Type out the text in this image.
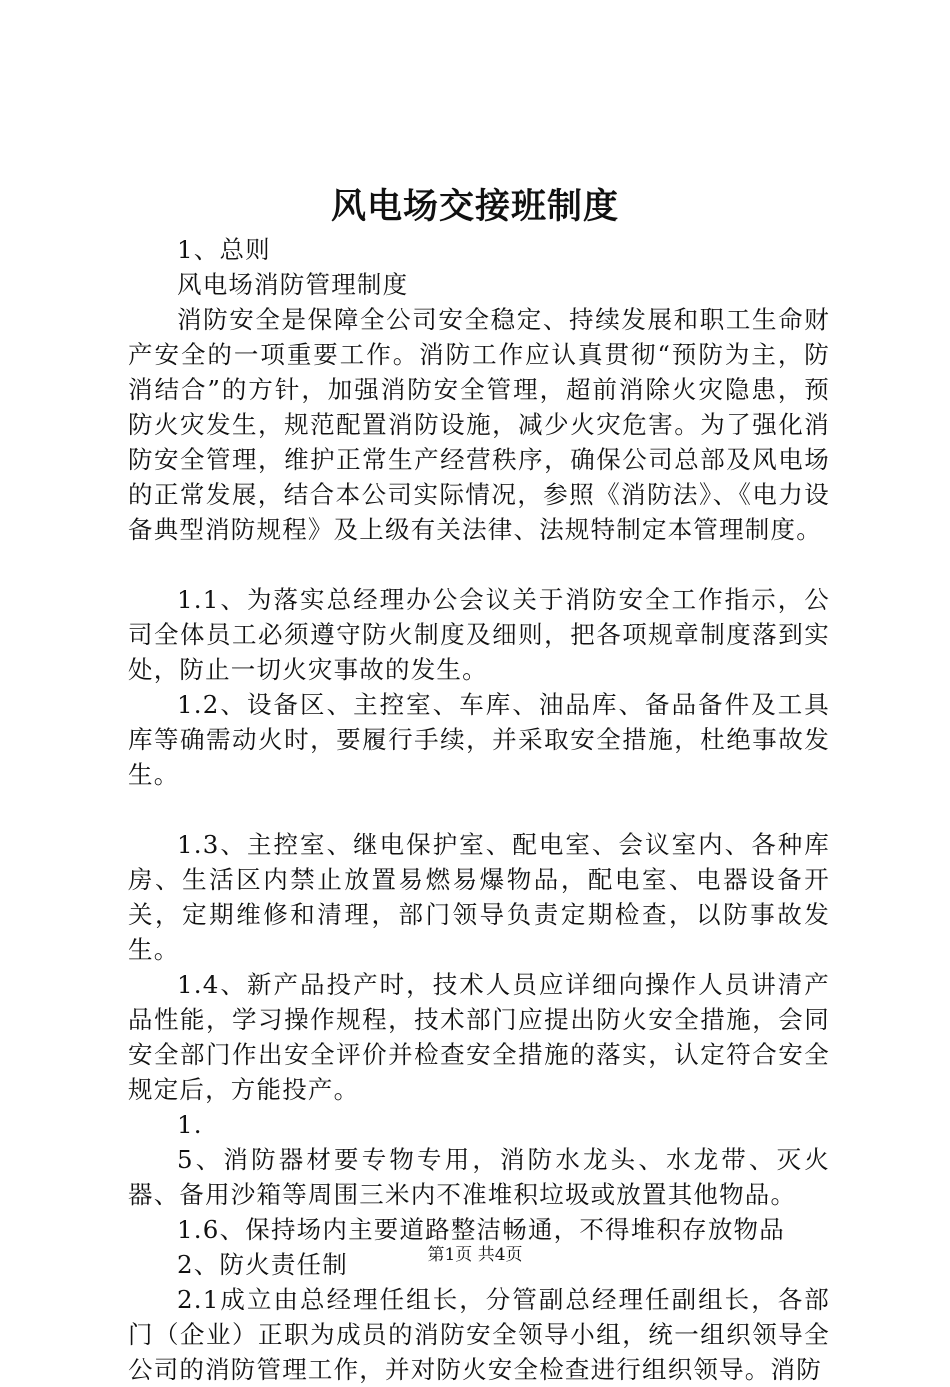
风电场交接班制度

1、总则

风电场消防管理制度

消防安全是保障全公司安全稳定、持续发展和职工生命财产安全的一项重要工作。消防工作应认真贯彻“预防为主，防消结合”的方针，加强消防安全管理，超前消除火灾隐患，预防火灾发生，规范配置消防设施，减少火灾危害。为了强化消防安全管理，维护正常生产经营秩序，确保公司总部及风电场的正常发展，结合本公司实际情况，参照《消防法》、《电力设备典型消防规程》及上级有关法律、法规特制定本管理制度。

1.1、为落实总经理办公会议关于消防安全工作指示，公司全体员工必须遵守防火制度及细则，把各项规章制度落到实处，防止一切火灾事故的发生。

1.2、设备区、主控室、车库、油品库、备品备件及工具库等确需动火时，要履行手续，并采取安全措施，杜绝事故发生。

1.3、主控室、继电保护室、配电室、会议室内、各种库房、生活区内禁止放置易燃易爆物品，配电室、电器设备开关，定期维修和清理，部门领导负责定期检查，以防事故发生。

1.4、新产品投产时，技术人员应详细向操作人员讲清产品性能，学习操作规程，技术部门应提出防火安全措施，会同安全部门作出安全评价并检查安全措施的落实，认定符合安全规定后，方能投产。

1.

5、消防器材要专物专用，消防水龙头、水龙带、灭火器、备用沙箱等周围三米内不准堆积垃圾或放置其他物品。

1.6、保持场内主要道路整洁畅通，不得堆积存放物品

2、防火责任制

2.1成立由总经理任组长，分管副总经理任副组长，各部门（企业）正职为成员的消防安全领导小组，统一组织领导全公司的消防管理工作，并对防火安全检查进行组织领导。消防

第1页 共4页
